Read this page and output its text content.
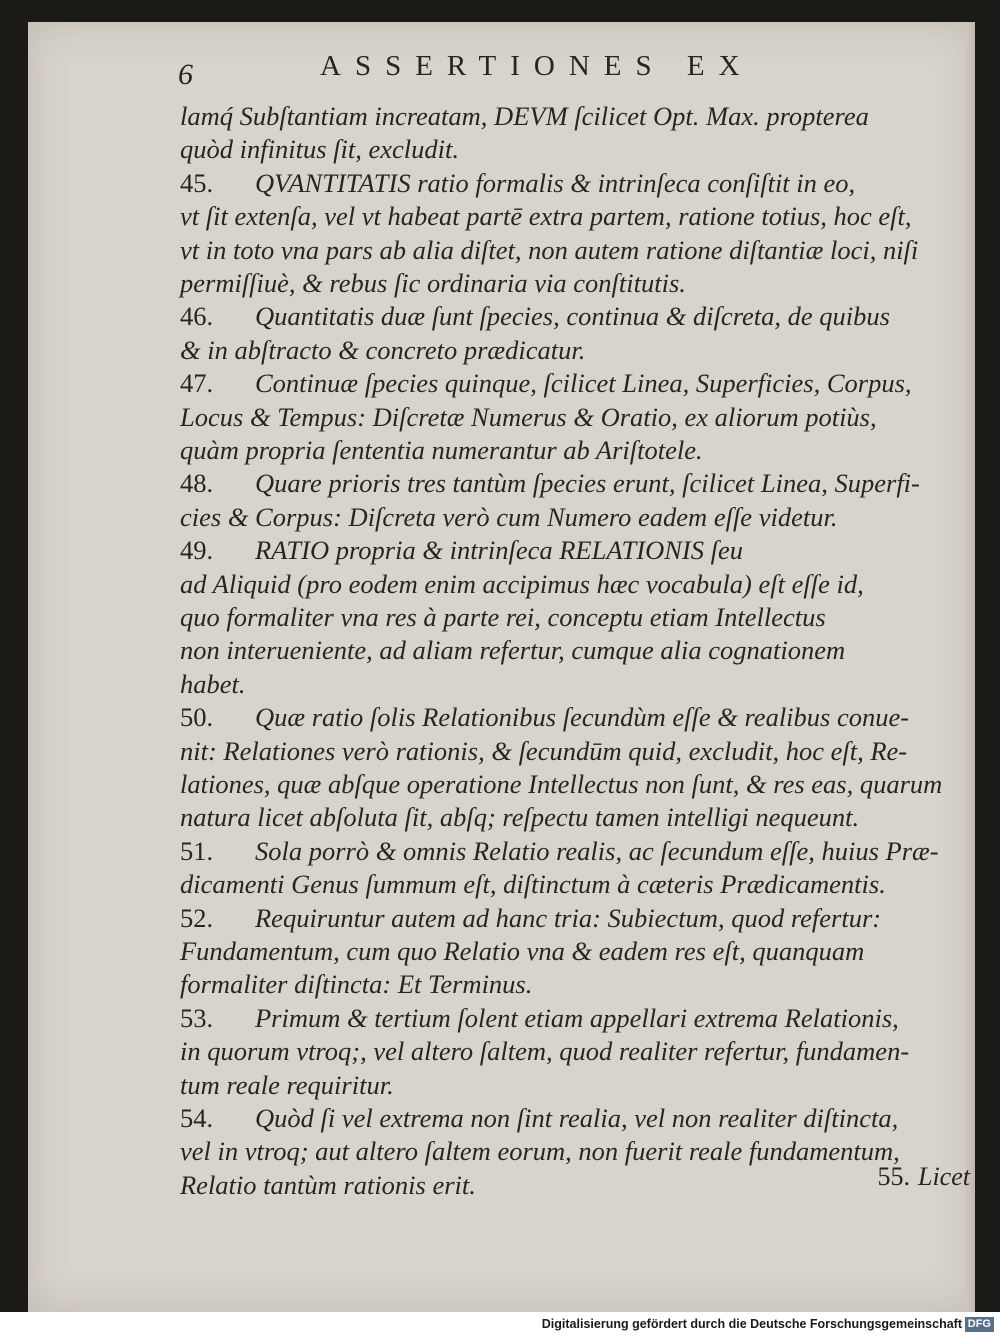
6	ASSERTIONES EX
lamq́ Subſtantiam increatam, DEVM ſcilicet Opt. Max. propterea
quòd infinitus ſit, excludit.
45. QVANTITATIS ratio formalis & intrinſeca conſiſtit in eo,
vt ſit extenſa, vel vt habeat partē extra partem, ratione totius, hoc eſt,
vt in toto vna pars ab alia diſtet, non autem ratione diſtantiæ loci, niſi
permiſſiuè, & rebus ſic ordinaria via conſtitutis.
46. Quantitatis duæ ſunt ſpecies, continua & diſcreta, de quibus
& in abſtracto & concreto prædicatur.
47. Continuæ ſpecies quinque, ſcilicet Linea, Superficies, Corpus,
Locus & Tempus: Diſcretæ Numerus & Oratio, ex aliorum potiùs,
quàm propria ſententia numerantur ab Ariſtotele.
48. Quare prioris tres tantùm ſpecies erunt, ſcilicet Linea, Superfi-
cies & Corpus: Diſcreta verò cum Numero eadem eſſe videtur.
49. RATIO propria & intrinſeca RELATIONIS ſeu
ad Aliquid (pro eodem enim accipimus hæc vocabula) eſt eſſe id,
quo formaliter vna res à parte rei, conceptu etiam Intellectus
non interueniente, ad aliam refertur, cumque alia cognationem
habet.
50. Quæ ratio ſolis Relationibus ſecundùm eſſe & realibus conue-
nit: Relationes verò rationis, & ſecundūm quid, excludit, hoc eſt, Re-
lationes, quæ abſque operatione Intellectus non ſunt, & res eas, quarum
natura licet abſoluta ſit, abſq; reſpectu tamen intelligi nequeunt.
51. Sola porrò & omnis Relatio realis, ac ſecundum eſſe, huius Præ-
dicamenti Genus ſummum eſt, diſtinctum à cæteris Prædicamentis.
52. Requiruntur autem ad hanc tria: Subiectum, quod refertur:
Fundamentum, cum quo Relatio vna & eadem res eſt, quanquam
formaliter diſtincta: Et Terminus.
53. Primum & tertium ſolent etiam appellari extrema Relationis,
in quorum vtroq;, vel altero ſaltem, quod realiter refertur, fundamen-
tum reale requiritur.
54. Quòd ſi vel extrema non ſint realia, vel non realiter diſtincta,
vel in vtroq; aut altero ſaltem eorum, non fuerit reale fundamentum,
Relatio tantùm rationis erit.	55. Licet
Digitalisierung gefördert durch die Deutsche Forschungsgemeinschaft DFG
